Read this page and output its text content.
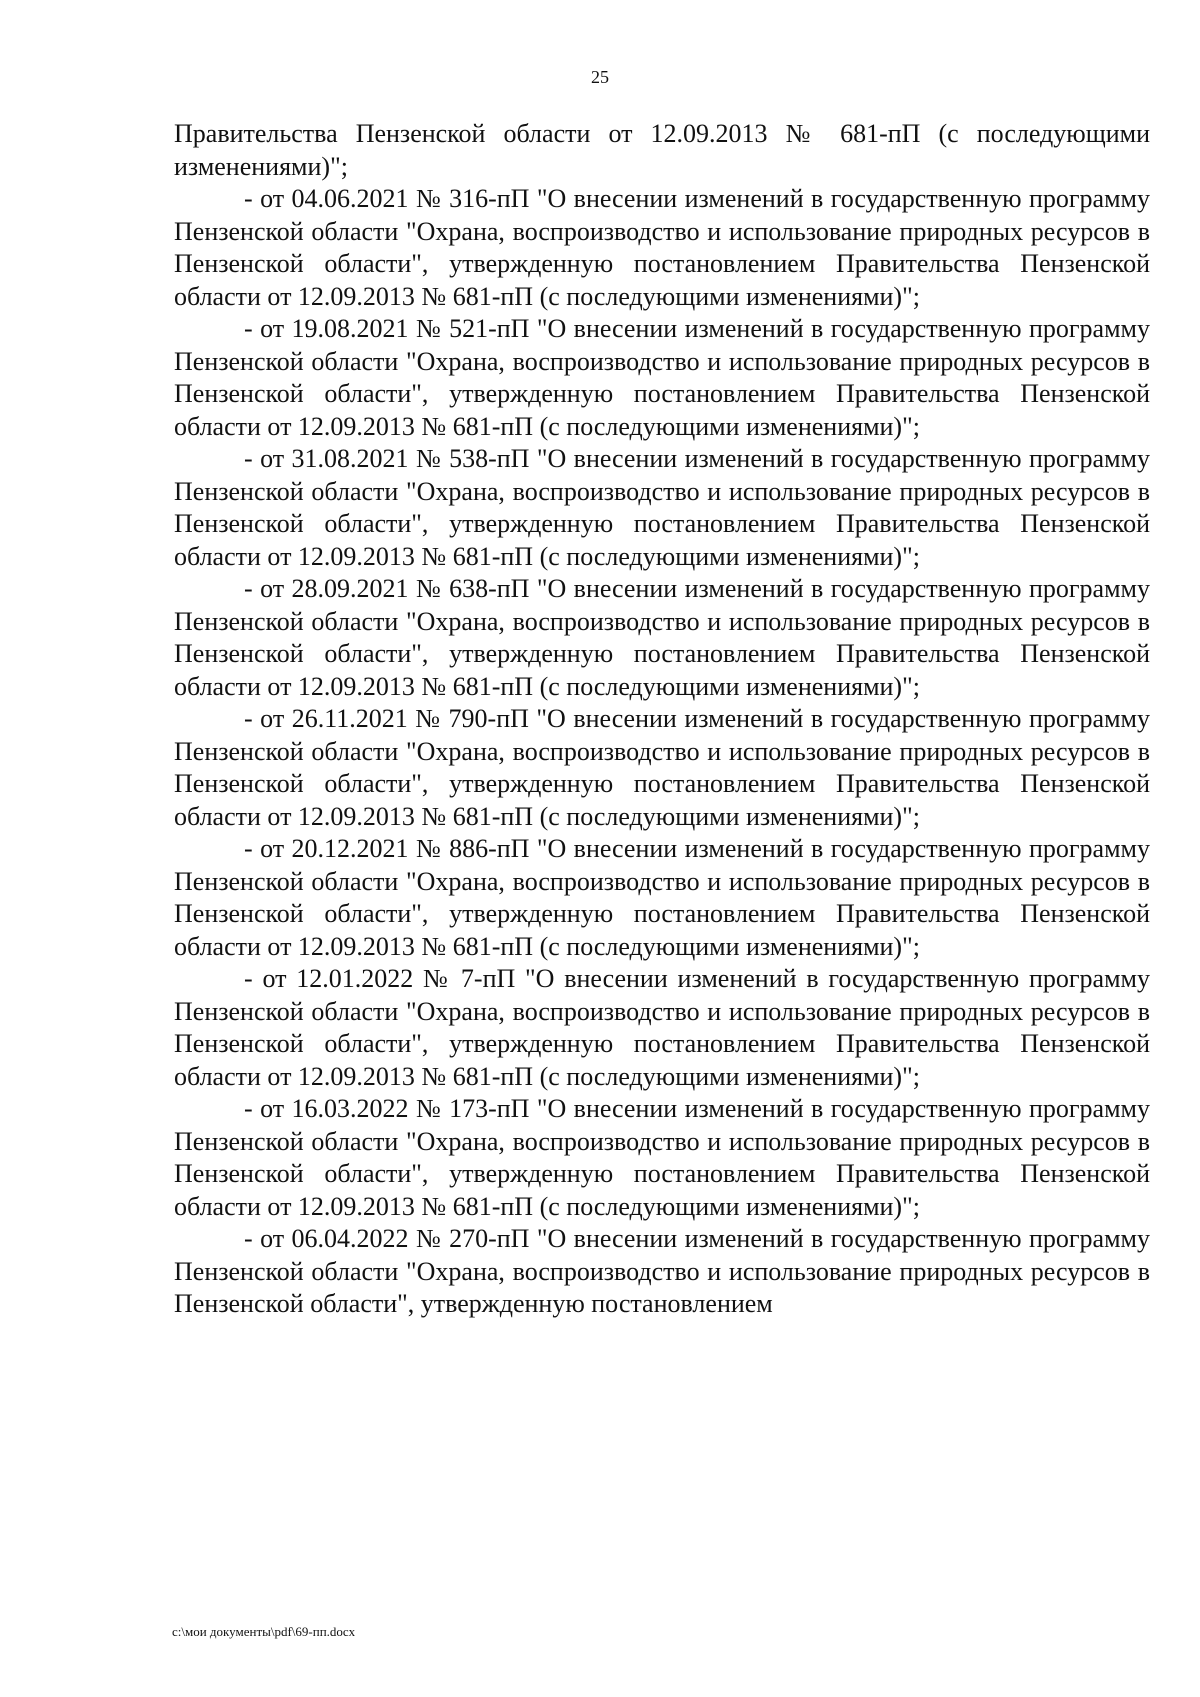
25

Правительства Пензенской области от 12.09.2013 № 681-пП (с последующими изменениями)";

- от 04.06.2021 № 316-пП "О внесении изменений в государственную программу Пензенской области "Охрана, воспроизводство и использование природных ресурсов в Пензенской области", утвержденную постановлением Правительства Пензенской области от 12.09.2013 № 681-пП (с последующими изменениями)";

- от 19.08.2021 № 521-пП "О внесении изменений в государственную программу Пензенской области "Охрана, воспроизводство и использование природных ресурсов в Пензенской области", утвержденную постановлением Правительства Пензенской области от 12.09.2013 № 681-пП (с последующими изменениями)";

- от 31.08.2021 № 538-пП "О внесении изменений в государственную программу Пензенской области "Охрана, воспроизводство и использование природных ресурсов в Пензенской области", утвержденную постановлением Правительства Пензенской области от 12.09.2013 № 681-пП (с последующими изменениями)";

- от 28.09.2021 № 638-пП "О внесении изменений в государственную программу Пензенской области "Охрана, воспроизводство и использование природных ресурсов в Пензенской области", утвержденную постановлением Правительства Пензенской области от 12.09.2013 № 681-пП (с последующими изменениями)";

- от 26.11.2021 № 790-пП "О внесении изменений в государственную программу Пензенской области "Охрана, воспроизводство и использование природных ресурсов в Пензенской области", утвержденную постановлением Правительства Пензенской области от 12.09.2013 № 681-пП (с последующими изменениями)";

- от 20.12.2021 № 886-пП "О внесении изменений в государственную программу Пензенской области "Охрана, воспроизводство и использование природных ресурсов в Пензенской области", утвержденную постановлением Правительства Пензенской области от 12.09.2013 № 681-пП (с последующими изменениями)";

- от 12.01.2022 № 7-пП "О внесении изменений в государственную программу Пензенской области "Охрана, воспроизводство и использование природных ресурсов в Пензенской области", утвержденную постановлением Правительства Пензенской области от 12.09.2013 № 681-пП (с последующими изменениями)";

- от 16.03.2022 № 173-пП "О внесении изменений в государственную программу Пензенской области "Охрана, воспроизводство и использование природных ресурсов в Пензенской области", утвержденную постановлением Правительства Пензенской области от 12.09.2013 № 681-пП (с последующими изменениями)";

- от 06.04.2022 № 270-пП "О внесении изменений в государственную программу Пензенской области "Охрана, воспроизводство и использование природных ресурсов в Пензенской области", утвержденную постановлением

c:\мои документы\pdf\69-пп.docx
